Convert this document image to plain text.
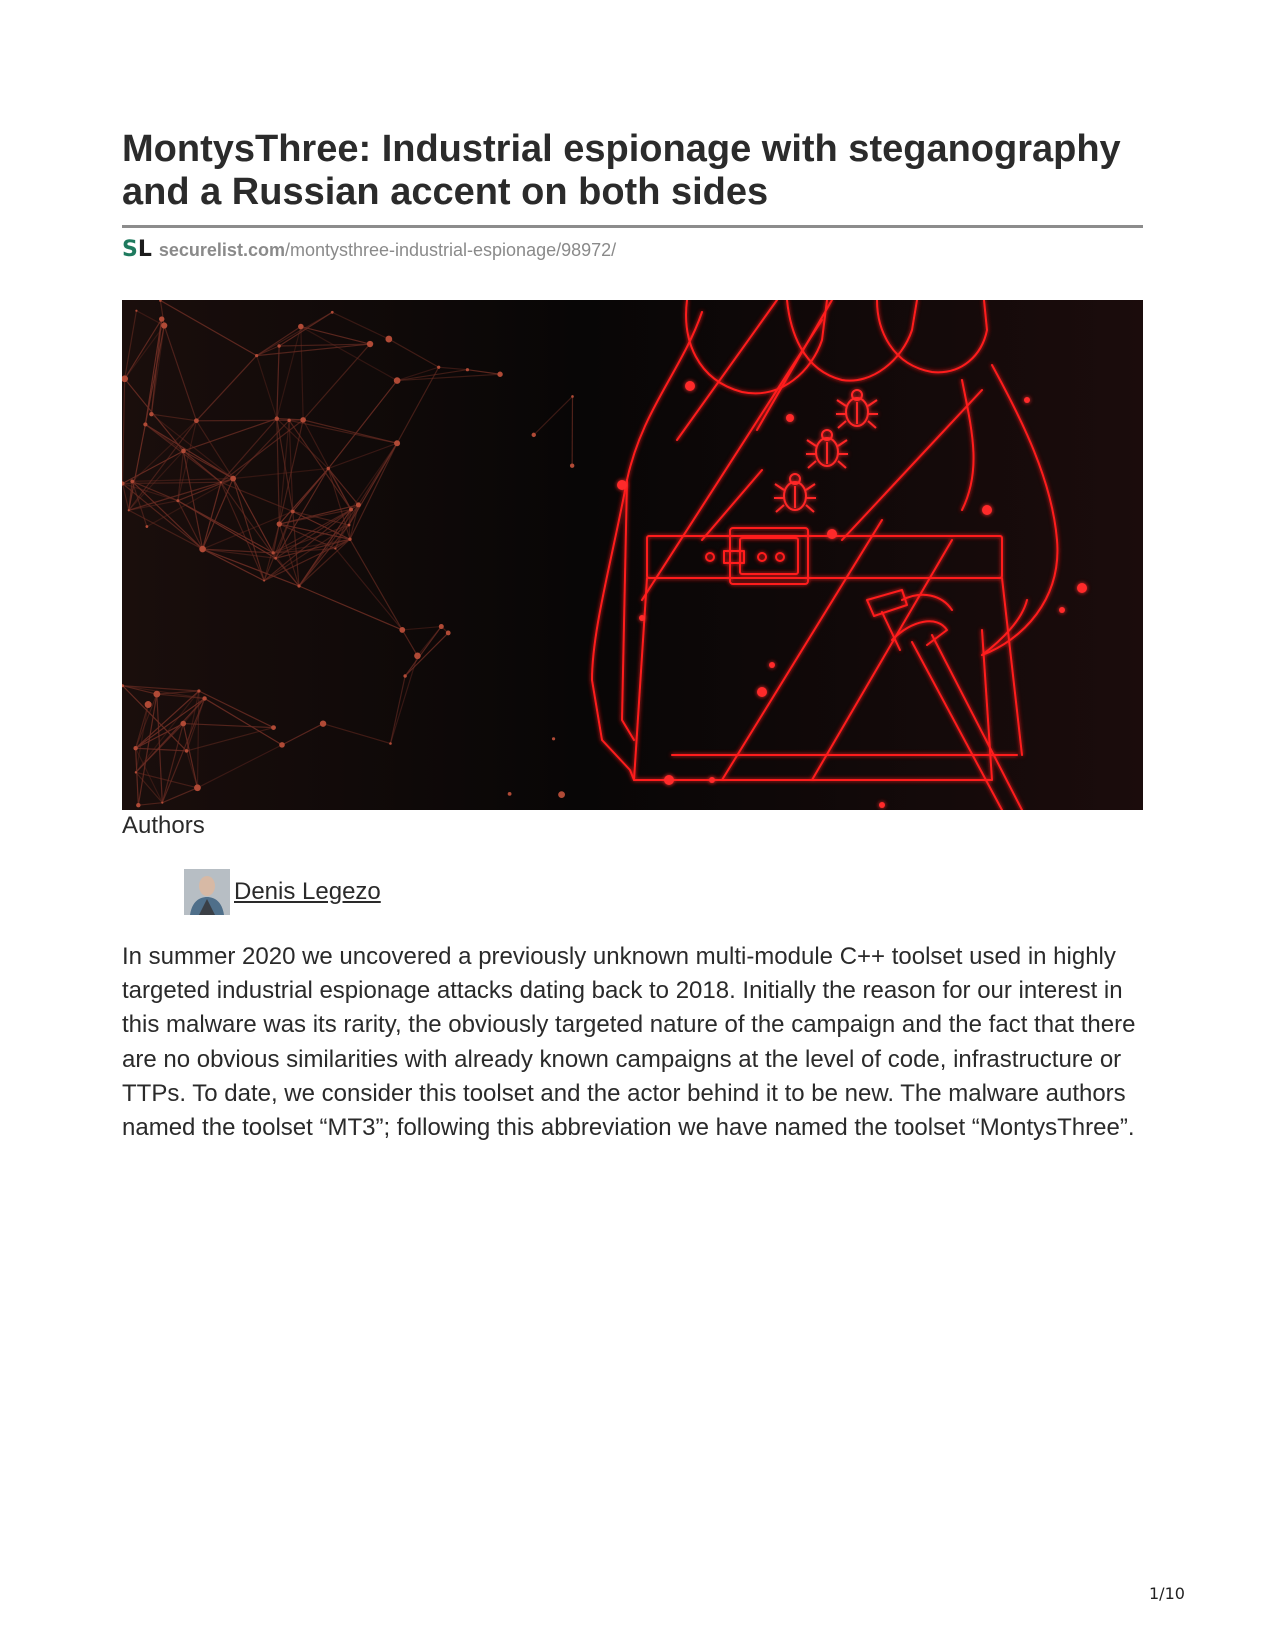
MontysThree: Industrial espionage with steganography and a Russian accent on both sides
S L securelist.com /montysthree-industrial-espionage/98972/
Authors
Denis Legezo

In summer 2020 we uncovered a previously unknown multi-module C++ toolset used in highly targeted industrial espionage attacks dating back to 2018. Initially the reason for our interest in this malware was its rarity, the obviously targeted nature of the campaign and the fact that there are no obvious similarities with already known campaigns at the level of code, infrastructure or TTPs. To date, we consider this toolset and the actor behind it to be new. The malware authors named the toolset “MT3”; following this abbreviation we have named the toolset “MontysThree”.

1/10
